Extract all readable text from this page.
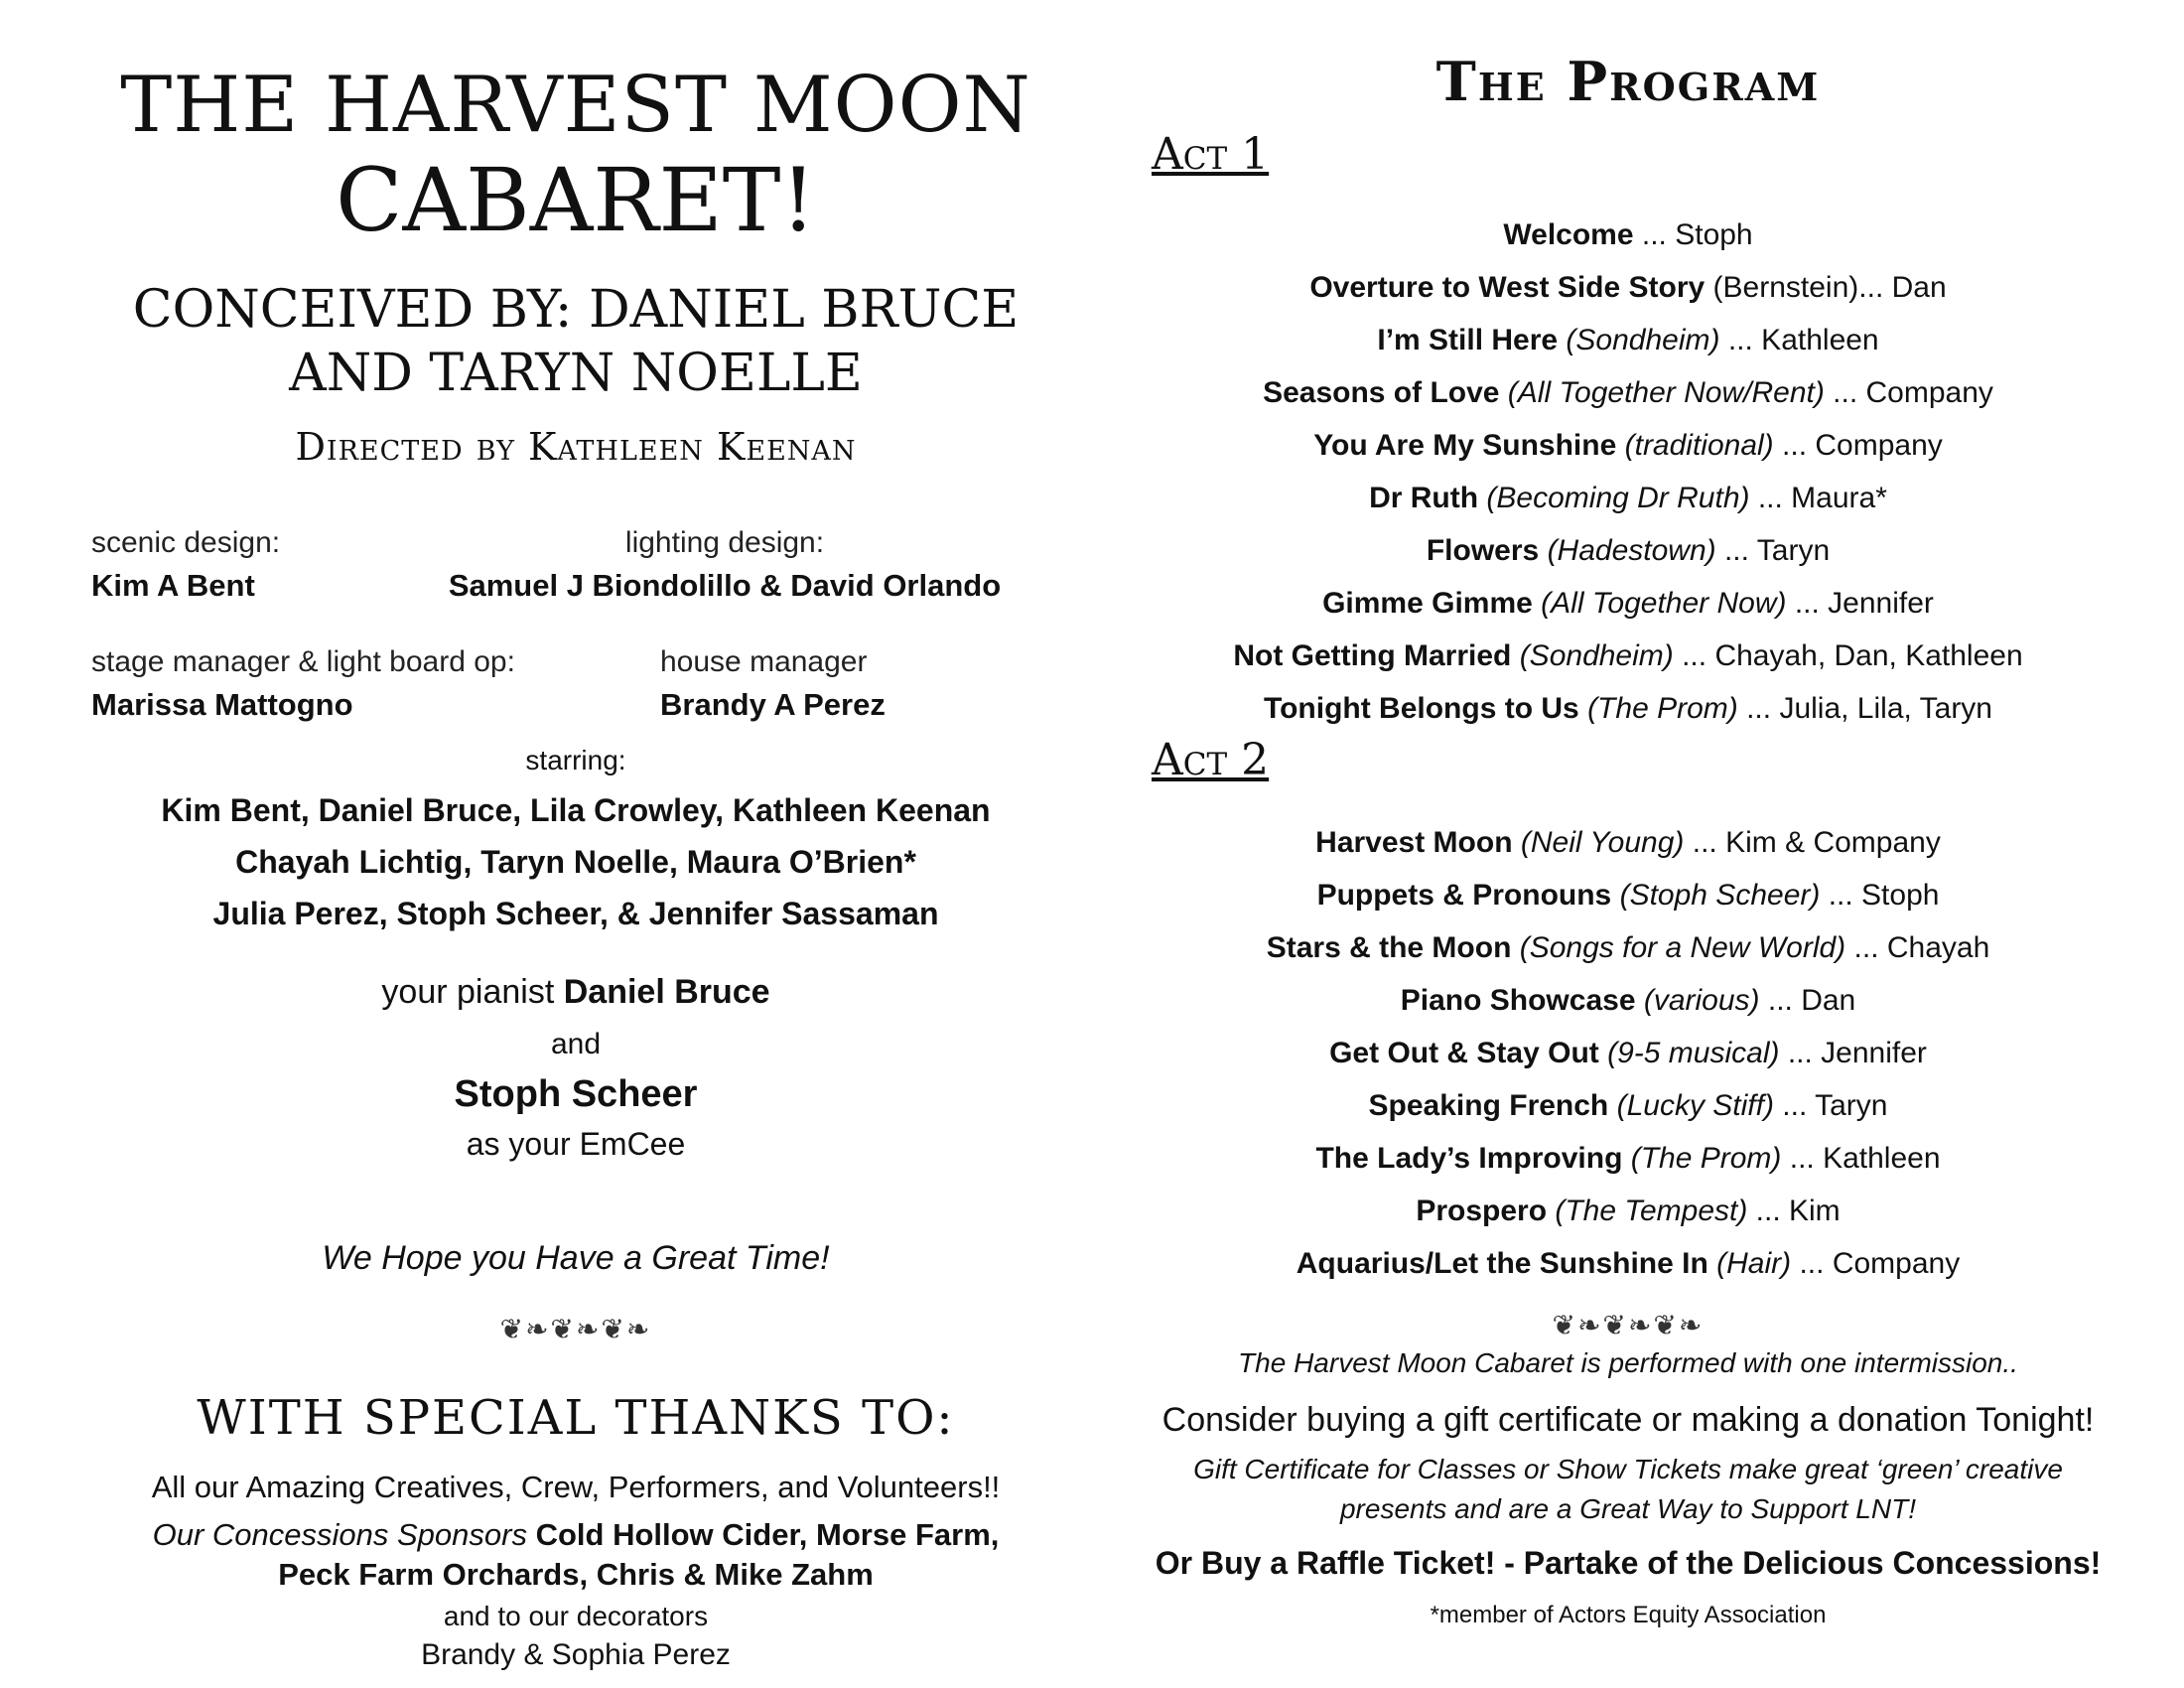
THE HARVEST MOON
CABARET!
CONCEIVED BY: DANIEL BRUCE
AND TARYN NOELLE
Directed by Kathleen Keenan
scenic design:
Kim A Bent
lighting design:
Samuel J Biondolillo & David Orlando
stage manager & light board op:
Marissa Mattogno
house manager
Brandy A Perez
starring:
Kim Bent, Daniel Bruce, Lila Crowley, Kathleen Keenan
Chayah Lichtig, Taryn Noelle, Maura O’Brien*
Julia Perez, Stoph Scheer, & Jennifer Sassaman
your pianist Daniel Bruce
and
Stoph Scheer
as your EmCee
We Hope you Have a Great Time!
❦❧❦❧❦❧
WITH SPECIAL THANKS TO:
All our Amazing Creatives, Crew, Performers, and Volunteers!!
Our Concessions Sponsors Cold Hollow Cider, Morse Farm,
Peck Farm Orchards, Chris & Mike Zahm
and to our decorators
Brandy & Sophia Perez
The Program
Act 1
Welcome ... Stoph
Overture to West Side Story (Bernstein)... Dan
I’m Still Here (Sondheim) ... Kathleen
Seasons of Love (All Together Now/Rent) ... Company
You Are My Sunshine (traditional) ... Company
Dr Ruth (Becoming Dr Ruth) ... Maura*
Flowers (Hadestown) ... Taryn
Gimme Gimme (All Together Now) ... Jennifer
Not Getting Married (Sondheim) ... Chayah, Dan, Kathleen
Tonight Belongs to Us (The Prom) ... Julia, Lila, Taryn
Act 2
Harvest Moon (Neil Young) ... Kim & Company
Puppets & Pronouns (Stoph Scheer) ... Stoph
Stars & the Moon (Songs for a New World) ... Chayah
Piano Showcase (various) ... Dan
Get Out & Stay Out (9-5 musical) ... Jennifer
Speaking French (Lucky Stiff) ... Taryn
The Lady’s Improving (The Prom) ... Kathleen
Prospero (The Tempest) ... Kim
Aquarius/Let the Sunshine In (Hair) ... Company
❦❧❦❧❦❧
The Harvest Moon Cabaret is performed with one intermission..
Consider buying a gift certificate or making a donation Tonight!
Gift Certificate for Classes or Show Tickets make great ‘green’ creative
presents and are a Great Way to Support LNT!
Or Buy a Raffle Ticket! - Partake of the Delicious Concessions!
*member of Actors Equity Association
